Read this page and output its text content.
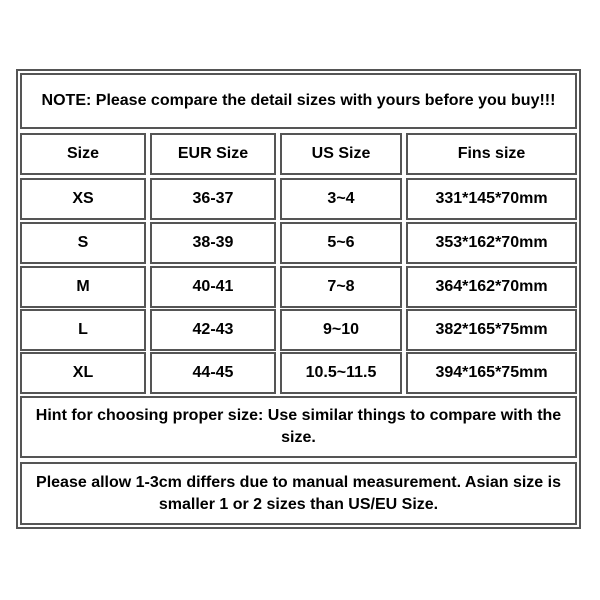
NOTE: Please compare the detail sizes with yours before you buy!!!
Size	EUR Size	US Size	Fins size
XS	36-37	3~4	331*145*70mm
S	38-39	5~6	353*162*70mm
M	40-41	7~8	364*162*70mm
L	42-43	9~10	382*165*75mm
XL	44-45	10.5~11.5	394*165*75mm
Hint for choosing proper size: Use similar things to compare with the size.
Please allow 1-3cm differs due to manual measurement. Asian size is smaller 1 or 2 sizes than US/EU Size.
